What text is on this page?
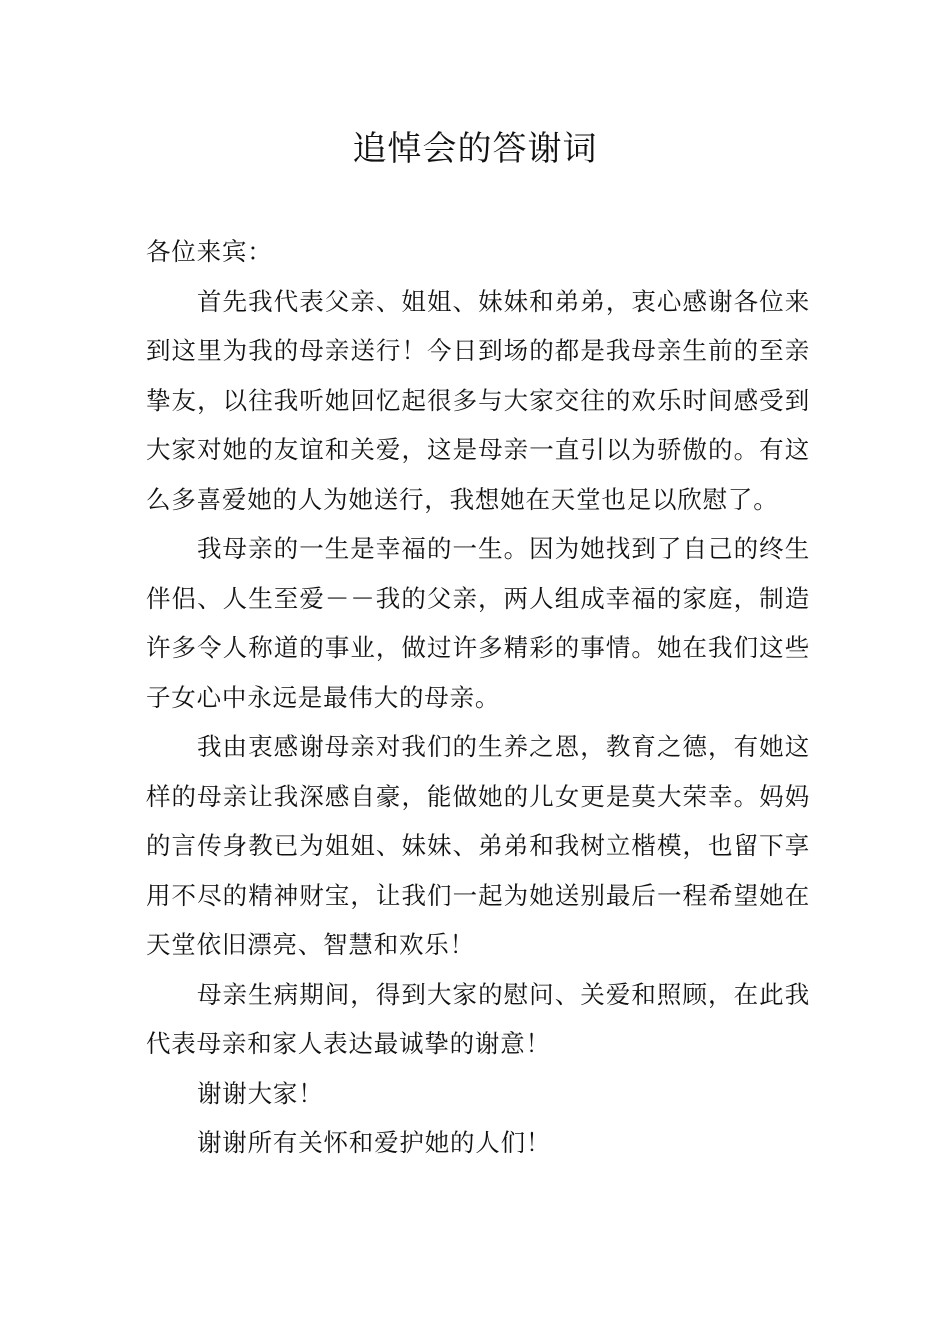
追悼会的答谢词

各位来宾：

首先我代表父亲、姐姐、妹妹和弟弟，衷心感谢各位来到这里为我的母亲送行！今日到场的都是我母亲生前的至亲挚友，以往我听她回忆起很多与大家交往的欢乐时间感受到大家对她的友谊和关爱，这是母亲一直引以为骄傲的。有这么多喜爱她的人为她送行，我想她在天堂也足以欣慰了。

我母亲的一生是幸福的一生。因为她找到了自己的终生伴侣、人生至爱－－我的父亲，两人组成幸福的家庭，制造许多令人称道的事业，做过许多精彩的事情。她在我们这些子女心中永远是最伟大的母亲。

我由衷感谢母亲对我们的生养之恩，教育之德，有她这样的母亲让我深感自豪，能做她的儿女更是莫大荣幸。妈妈的言传身教已为姐姐、妹妹、弟弟和我树立楷模，也留下享用不尽的精神财宝，让我们一起为她送别最后一程希望她在天堂依旧漂亮、智慧和欢乐！

母亲生病期间，得到大家的慰问、关爱和照顾，在此我代表母亲和家人表达最诚挚的谢意！

谢谢大家！

谢谢所有关怀和爱护她的人们！
